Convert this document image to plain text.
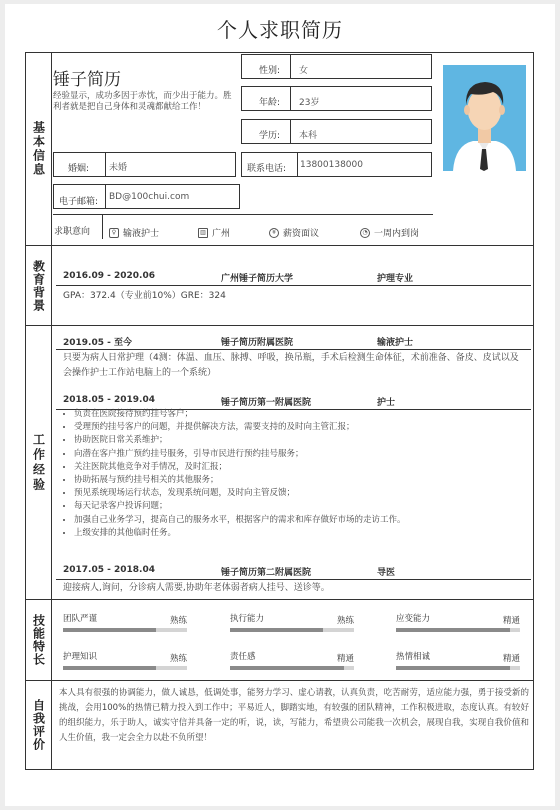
个人求职简历
基本信息
教育背景
工作经验
技能特长
自我评价
锤子简历
经验显示，成功多因于赤忱，而少出于能力。胜利者就是把自己身体和灵魂都献给工作！
性别: 女
年龄: 23岁
学历: 本科
婚姻: 未婚	联系电话: 13800138000
电子邮箱: BD@100chui.com
求职意向	♀ 输液护士	▥ 广州	¥ 薪资面议	◔ 一周内到岗
2016.09 - 2020.06	广州锤子简历大学	护理专业
GPA：372.4（专业前10%）GRE：324
2019.05 - 至今	锤子简历附属医院	输液护士
只要为病人日常护理（4测：体温、血压、脉搏、呼吸，换吊瓶，手术后检测生命体征，术前准备、备皮、皮试以及会操作护士工作站电脑上的一个系统）
2018.05 - 2019.04	锤子简历第一附属医院	护士
• 负责在医院接待预约挂号客户；
• 受理预约挂号客户的问题，并提供解决方法，需要支持的及时向主管汇报；
• 协助医院日常关系维护；
• 向潜在客户推广预约挂号服务，引导市民进行预约挂号服务；
• 关注医院其他竞争对手情况，及时汇报；
• 协助拓展与预约挂号相关的其他服务；
• 预见系统现场运行状态，发现系统问题，及时向主管反馈；
• 每天记录客户投诉问题；
• 加强自己业务学习，提高自己的服务水平，根据客户的需求和库存做好市场的走访工作。
• 上级安排的其他临时任务。
2017.05 - 2018.04	锤子简历第二附属医院	导医
迎接病人,询问，分诊病人需要,协助年老体弱者病人挂号、送诊等。
团队严谨	熟练	执行能力	熟练	应变能力	精通
护理知识	熟练	责任感	精通	热情相诚	精通
本人具有很强的协调能力，做人诚恳，低调处事，能努力学习、虚心请教，认真负责，吃苦耐劳，适应能力强，勇于接受新的挑战，会用100%的热情已精力投入到工作中；平易近人，脚踏实地，有较强的团队精神，工作积极进取，态度认真。有较好的组织能力，乐于助人，诚实守信并具备一定的听，说，读，写能力，希望贵公司能我一次机会，展现自我，实现自我价值和人生价值，我一定会全力以赴不负所望！
